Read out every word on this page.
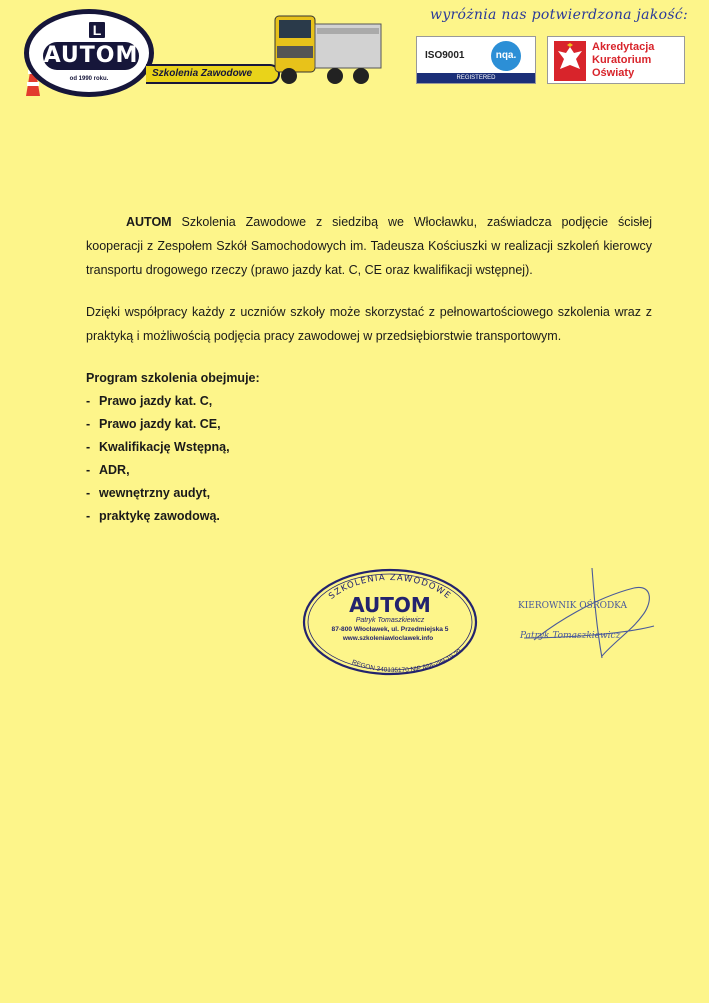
L
AUTOM
od 1990 roku.	Szkolenia Zawodowe
wyróżnia nas potwierdzona jakość:
ISO9001	nqa.
REGISTERED
Akredytacja
Kuratorium
Oświaty

AUTOM Szkolenia Zawodowe z siedzibą we Włocławku, zaświadcza podjęcie ścisłej kooperacji z Zespołem Szkół Samochodowych im. Tadeusza Kościuszki w realizacji szkoleń kierowcy transportu drogowego rzeczy (prawo jazdy kat. C, CE oraz kwalifikacji wstępnej).

Dzięki współpracy każdy z uczniów szkoły może skorzystać z pełnowartościowego szkolenia wraz z praktyką i możliwością podjęcia pracy zawodowej w przedsiębiorstwie transportowym.

Program szkolenia obejmuje:
- Prawo jazdy kat. C,
- Prawo jazdy kat. CE,
- Kwalifikację Wstępną,
- ADR,
- wewnętrzny audyt,
- praktykę zawodową.
SZKOLENIA ZAWODOWE
AUTOM
Patryk Tomaszkiewicz
87-800 Włocławek, ul. Przedmiejska 5
www.szkoleniawloclawek.info
REGON 340135170 NIP 888-289-19-20
KIEROWNIK OŚRODKA
Patryk Tomaszkiewicz
